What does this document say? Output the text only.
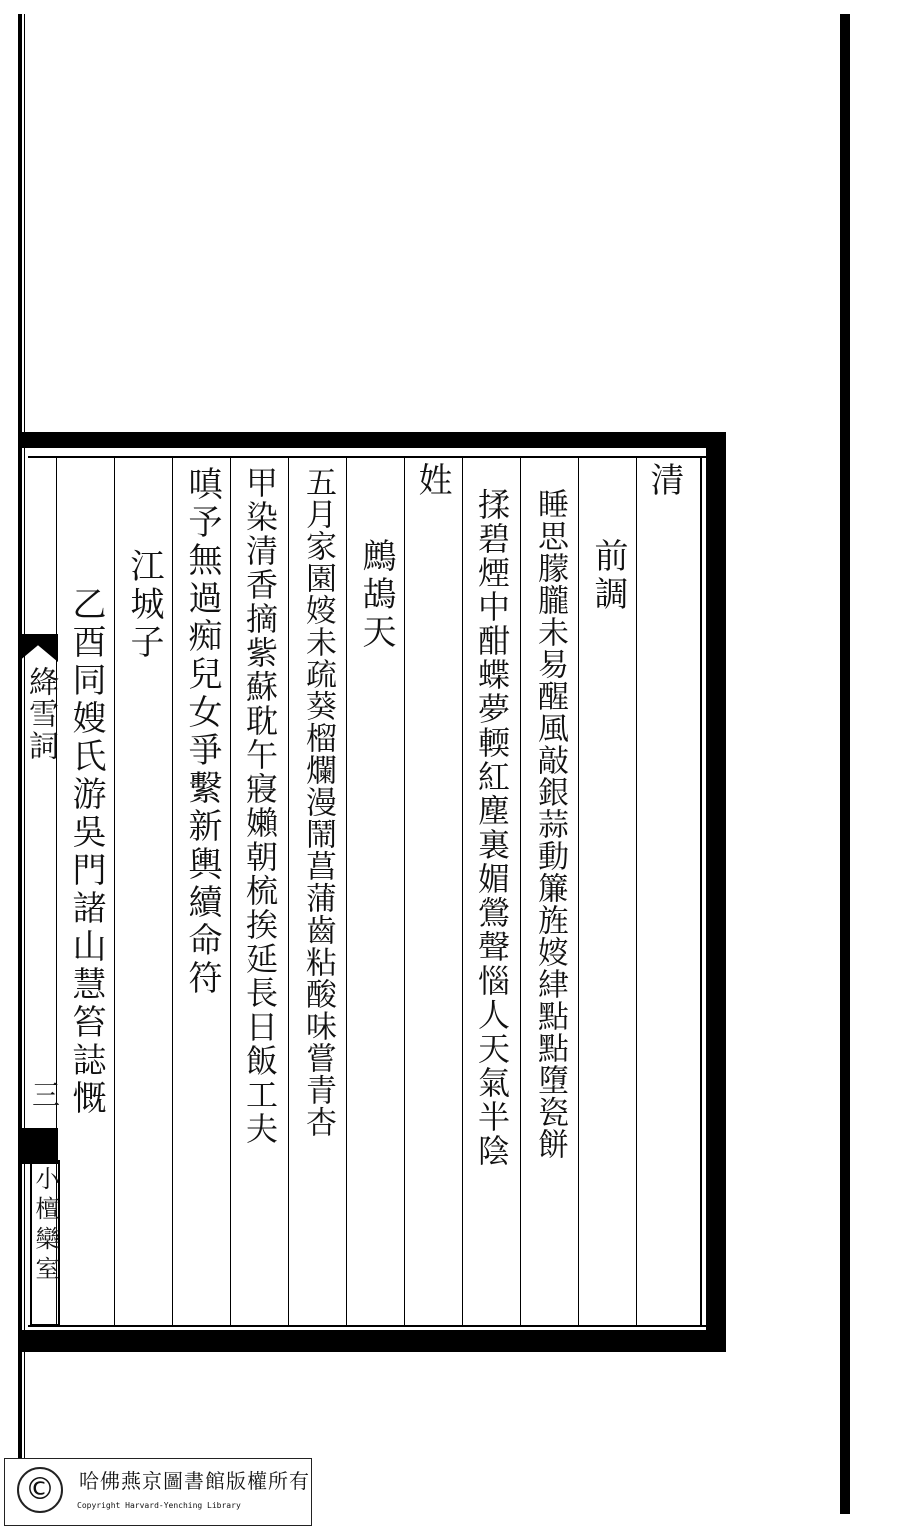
清
前調
睡思朦朧未易醒風敲銀蒜動簾旌㛮䋖點點墮瓷餅
揉碧煙中酣蝶夢輭紅塵裏媚鶯聲惱人天氣半陰
姓
鷓鴣天
五月家園㛮未疏葵榴爛漫鬧菖蒲齒粘酸味嘗青杏
甲染清香摘紫蘇耽午寢嬾朝梳挨延長日飯工夫
嗔予無過痴兒女爭繫新輿續命符
江城子
乙酉同嫂氏游吳門諸山慧笞誌慨
絳雪詞
三
小檀欒室
©	哈佛燕京圖書館版權所有
Copyright Harvard-Yenching Library
